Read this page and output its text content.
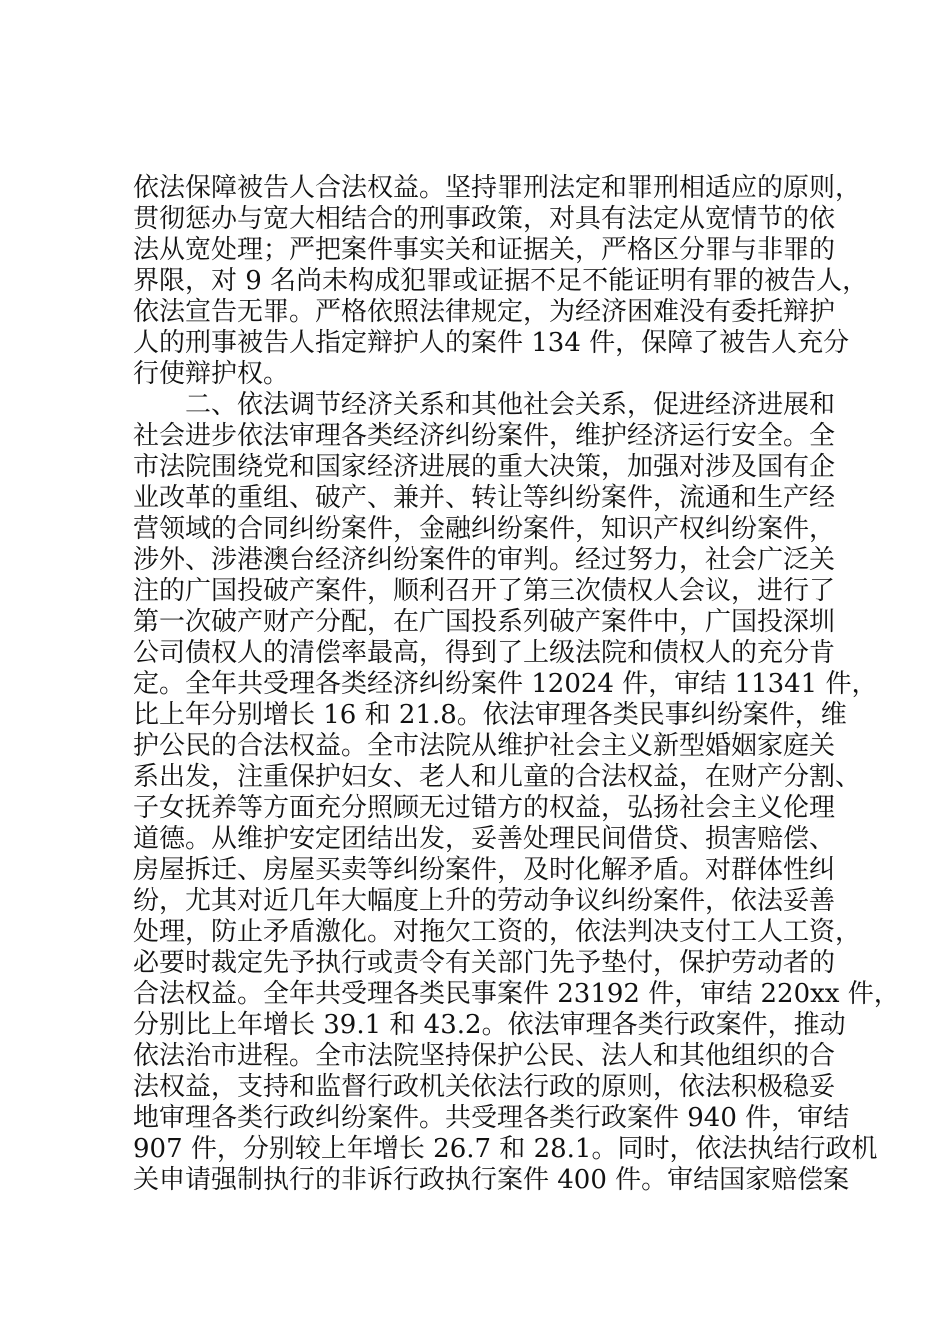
依法保障被告人合法权益。坚持罪刑法定和罪刑相适应的原则，
贯彻惩办与宽大相结合的刑事政策，对具有法定从宽情节的依
法从宽处理；严把案件事实关和证据关，严格区分罪与非罪的
界限，对 9 名尚未构成犯罪或证据不足不能证明有罪的被告人，
依法宣告无罪。严格依照法律规定，为经济困难没有委托辩护
人的刑事被告人指定辩护人的案件 134 件，保障了被告人充分
行使辩护权。
二、依法调节经济关系和其他社会关系，促进经济进展和
社会进步依法审理各类经济纠纷案件，维护经济运行安全。全
市法院围绕党和国家经济进展的重大决策，加强对涉及国有企
业改革的重组、破产、兼并、转让等纠纷案件，流通和生产经
营领域的合同纠纷案件，金融纠纷案件，知识产权纠纷案件，
涉外、涉港澳台经济纠纷案件的审判。经过努力，社会广泛关
注的广国投破产案件，顺利召开了第三次债权人会议，进行了
第一次破产财产分配，在广国投系列破产案件中，广国投深圳
公司债权人的清偿率最高，得到了上级法院和债权人的充分肯
定。全年共受理各类经济纠纷案件 12024 件，审结 11341 件，
比上年分别增长 16 和 21.8。依法审理各类民事纠纷案件，维
护公民的合法权益。全市法院从维护社会主义新型婚姻家庭关
系出发，注重保护妇女、老人和儿童的合法权益，在财产分割、
子女抚养等方面充分照顾无过错方的权益，弘扬社会主义伦理
道德。从维护安定团结出发，妥善处理民间借贷、损害赔偿、
房屋拆迁、房屋买卖等纠纷案件，及时化解矛盾。对群体性纠
纷，尤其对近几年大幅度上升的劳动争议纠纷案件，依法妥善
处理，防止矛盾激化。对拖欠工资的，依法判决支付工人工资，
必要时裁定先予执行或责令有关部门先予垫付，保护劳动者的
合法权益。全年共受理各类民事案件 23192 件，审结 220xx 件，
分别比上年增长 39.1 和 43.2。依法审理各类行政案件，推动
依法治市进程。全市法院坚持保护公民、法人和其他组织的合
法权益，支持和监督行政机关依法行政的原则，依法积极稳妥
地审理各类行政纠纷案件。共受理各类行政案件 940 件，审结
907 件，分别较上年增长 26.7 和 28.1。同时，依法执结行政机
关申请强制执行的非诉行政执行案件 400 件。审结国家赔偿案
